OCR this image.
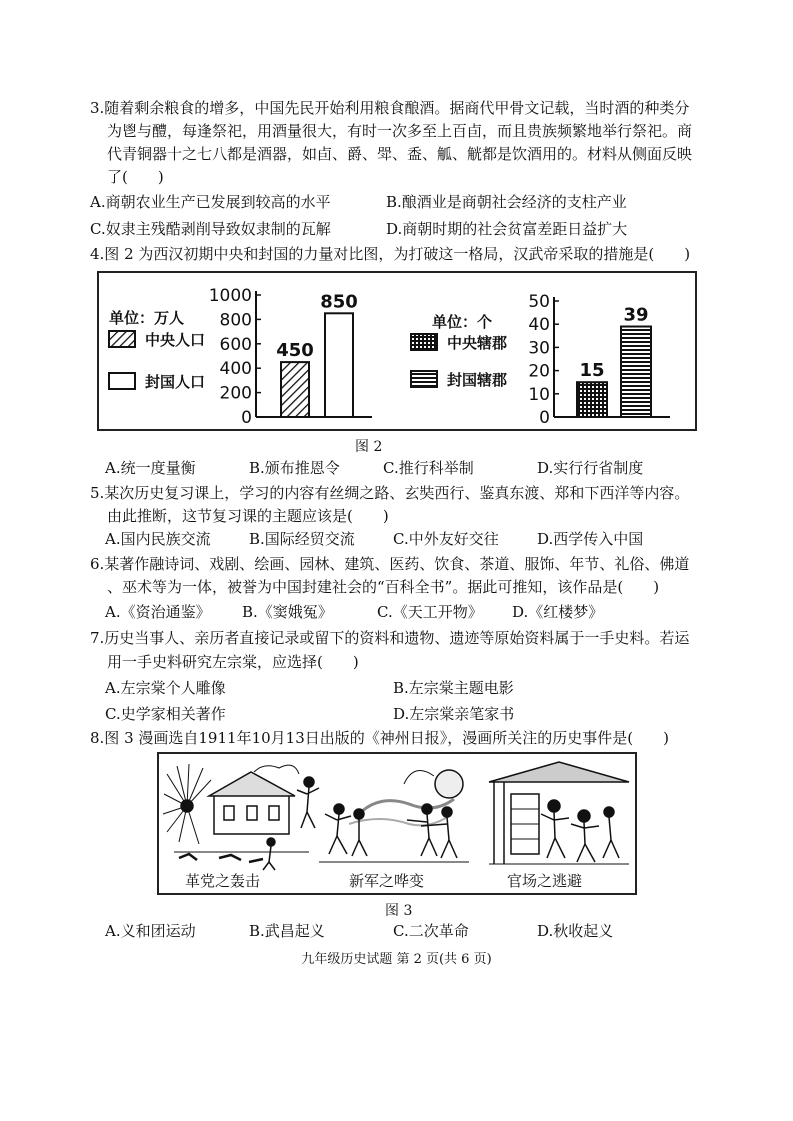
3.随着剩余粮食的增多，中国先民开始利用粮食酿酒。据商代甲骨文记载，当时酒的种类分
为鬯与醴，每逢祭祀，用酒量很大，有时一次多至上百卣，而且贵族频繁地举行祭祀。商
代青铜器十之七八都是酒器，如卣、爵、斝、盉、觚、觥都是饮酒用的。材料从侧面反映
了(　　)
A.商朝农业生产已发展到较高的水平	B.酿酒业是商朝社会经济的支柱产业
C.奴隶主残酷剥削导致奴隶制的瓦解	D.商朝时期的社会贫富差距日益扩大
4.图 2 为西汉初期中央和封国的力量对比图，为打破这一格局，汉武帝采取的措施是(　　)
0
200
400
600
800
1000
450
850
单位：万人
中央人口
封国人口
0
10
20
30
40
50
15
39
单位：个
中央辖郡
封国辖郡
图 2
A.统一度量衡	B.颁布推恩令	C.推行科举制	D.实行行省制度
5.某次历史复习课上，学习的内容有丝绸之路、玄奘西行、鉴真东渡、郑和下西洋等内容。
由此推断，这节复习课的主题应该是(　　)
A.国内民族交流	B.国际经贸交流	C.中外友好交往	D.西学传入中国
6.某著作融诗词、戏剧、绘画、园林、建筑、医药、饮食、茶道、服饰、年节、礼俗、佛道
、巫术等为一体，被誉为中国封建社会的“百科全书”。据此可推知，该作品是(　　)
A.《资治通鉴》 B.《窦娥冤》	C.《天工开物》 D.《红楼梦》
7.历史当事人、亲历者直接记录或留下的资料和遗物、遗迹等原始资料属于一手史料。若运
用一手史料研究左宗棠，应选择(　　)
A.左宗棠个人雕像	B.左宗棠主题电影
C.史学家相关著作	D.左宗棠亲笔家书
8.图 3 漫画选自1911年10月13日出版的《神州日报》，漫画所关注的历史事件是(　　)
革党之轰击	新军之哗变	官场之逃避
图 3
A.义和团运动	B.武昌起义	C.二次革命	D.秋收起义
九年级历史试题 第 2 页(共 6 页)
